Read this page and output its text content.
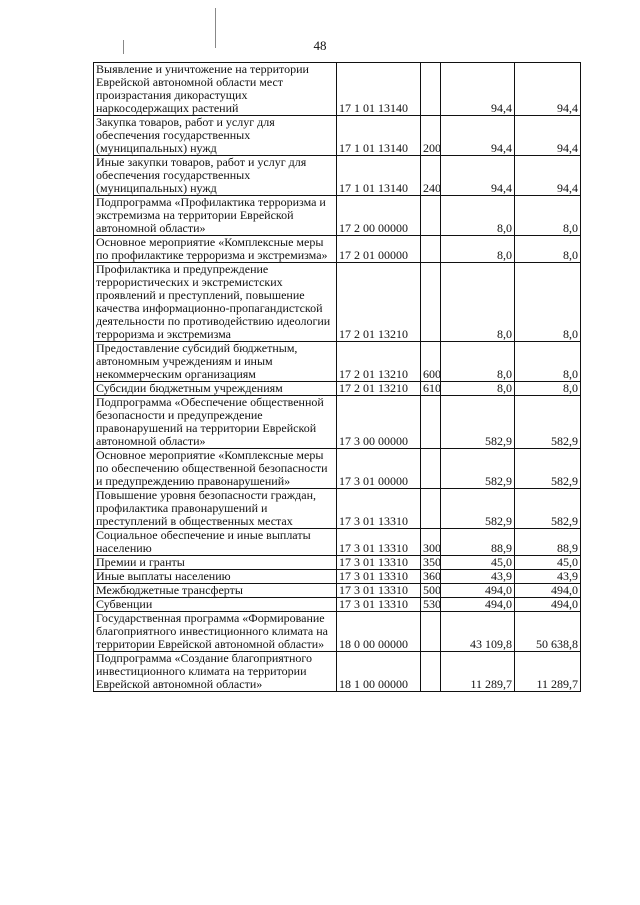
48
Выявление и уничтожение на территории Еврейской автономной области мест произрастания дикорастущих наркосодержащих растений	17 1 01 13140		94,4	94,4
Закупка товаров, работ и услуг для обеспечения государственных (муниципальных) нужд	17 1 01 13140	200	94,4	94,4
Иные закупки товаров, работ и услуг для обеспечения государственных (муниципальных) нужд	17 1 01 13140	240	94,4	94,4
Подпрограмма «Профилактика терроризма и экстремизма на территории Еврейской автономной области»	17 2 00 00000		8,0	8,0
Основное мероприятие «Комплексные меры по профилактике терроризма и экстремизма»	17 2 01 00000		8,0	8,0
Профилактика и предупреждение террористических и экстремистских проявлений и преступлений, повышение качества информационно-пропагандистской деятельности по противодействию идеологии терроризма и экстремизма	17 2 01 13210		8,0	8,0
Предоставление субсидий бюджетным, автономным учреждениям и иным некоммерческим организациям	17 2 01 13210	600	8,0	8,0
Субсидии бюджетным учреждениям	17 2 01 13210	610	8,0	8,0
Подпрограмма «Обеспечение общественной безопасности и предупреждение правонарушений на территории Еврейской автономной области»	17 3 00 00000		582,9	582,9
Основное мероприятие «Комплексные меры по обеспечению общественной безопасности и предупреждению правонарушений»	17 3 01 00000		582,9	582,9
Повышение уровня безопасности граждан, профилактика правонарушений и преступлений в общественных местах	17 3 01 13310		582,9	582,9
Социальное обеспечение и иные выплаты населению	17 3 01 13310	300	88,9	88,9
Премии и гранты	17 3 01 13310	350	45,0	45,0
Иные выплаты населению	17 3 01 13310	360	43,9	43,9
Межбюджетные трансферты	17 3 01 13310	500	494,0	494,0
Субвенции	17 3 01 13310	530	494,0	494,0
Государственная программа «Формирование благоприятного инвестиционного климата на территории Еврейской автономной области»	18 0 00 00000		43 109,8	50 638,8
Подпрограмма «Создание благоприятного инвестиционного климата на территории Еврейской автономной области»	18 1 00 00000		11 289,7	11 289,7
